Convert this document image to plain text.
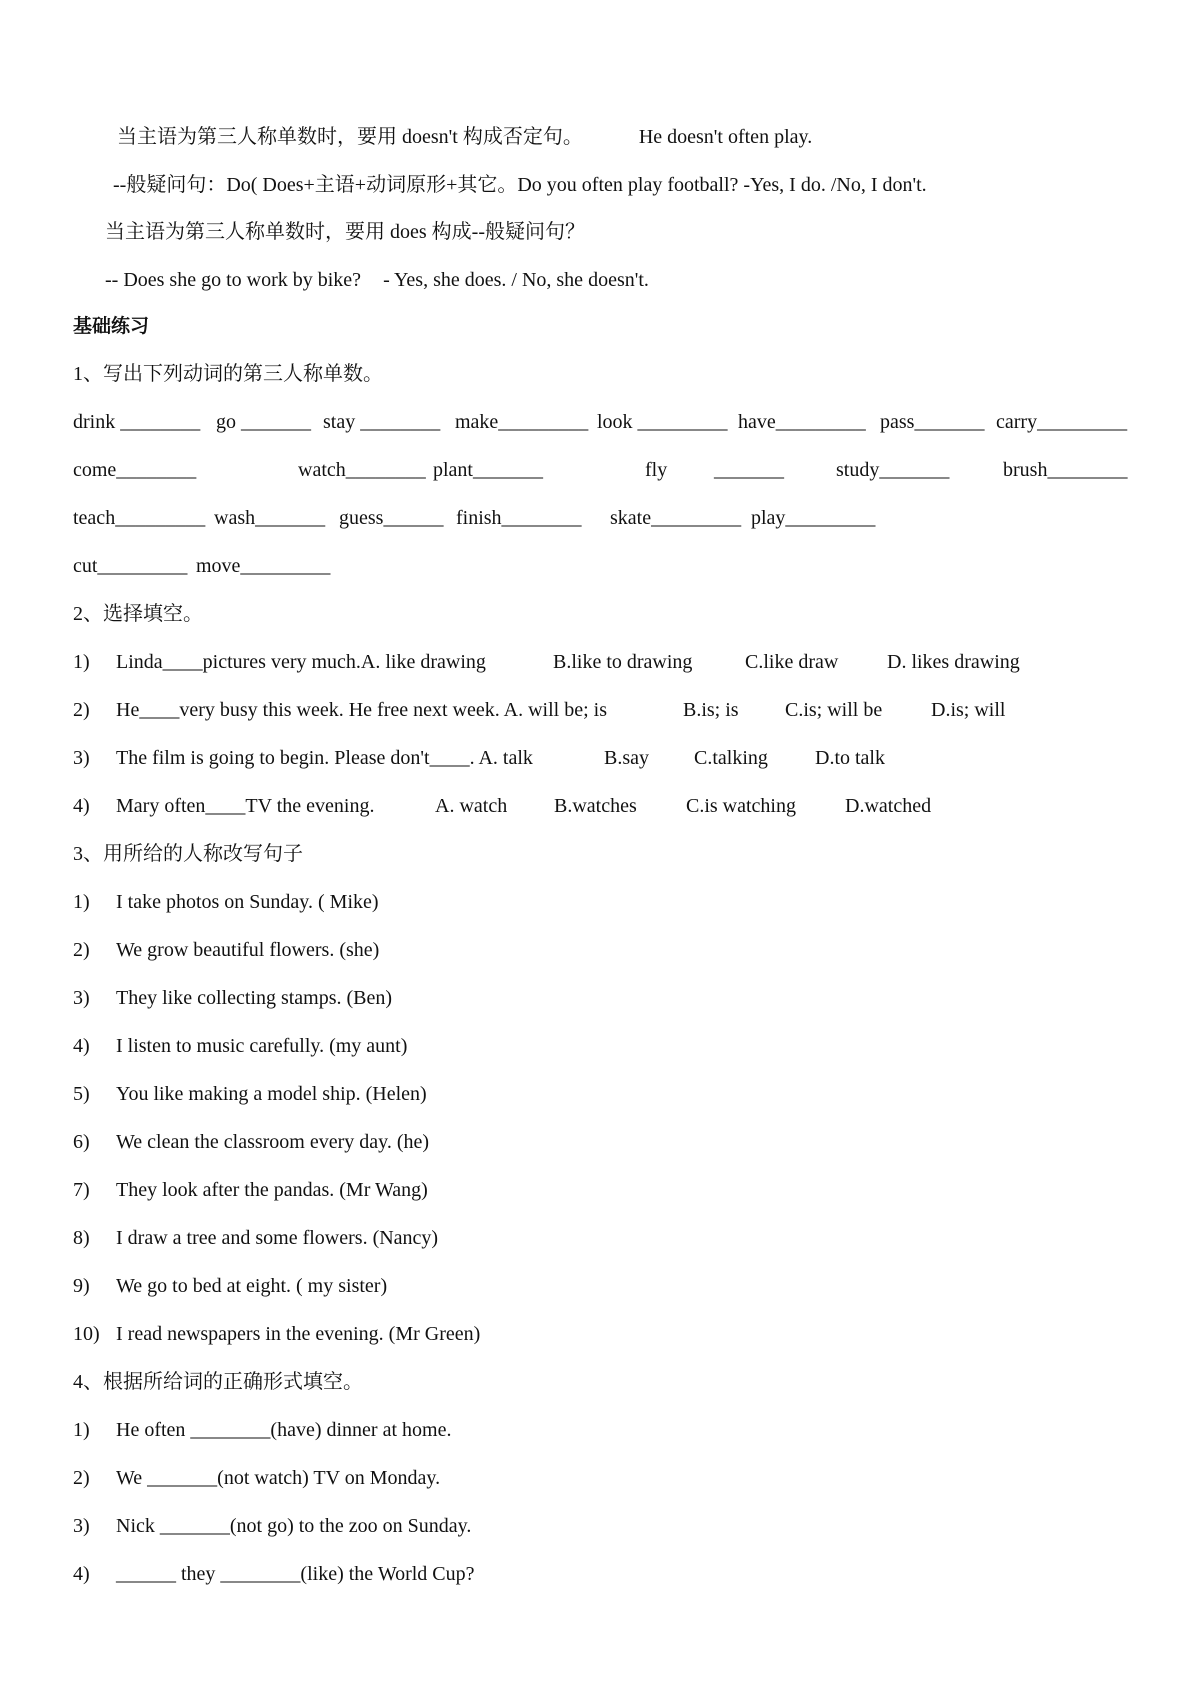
当主语为第三人称单数时，要用 doesn't 构成否定句。	He doesn't often play.
--般疑问句：Do( Does+主语+动词原形+其它。Do you often play football? -Yes, I do. /No, I don't.
当主语为第三人称单数时，要用 does 构成--般疑问句？
-- Does she go to work by bike? - Yes, she does. / No, she doesn't.
基础练习
1、写出下列动词的第三人称单数。
drink ________ go _______ stay ________ make_________ look _________ have_________ pass_______ carry_________
come________	watch________ plant_______	fly _______	study_______	brush________
teach_________ wash_______ guess______ finish________ skate_________ play_________
cut_________ move_________
2、选择填空。
1) Linda____pictures very much.A. like drawing	B.like to drawing	C.like draw D. likes drawing
2) He____very busy this week. He free next week. A. will be; is	B.is; is C.is; will be D.is; will
3) The film is going to begin. Please don't____. A. talk	B.say C.talking D.to talk
4) Mary often____TV the evening.	A. watch B.watches C.is watching D.watched
3、用所给的人称改写句子
1) I take photos on Sunday. ( Mike)
2) We grow beautiful flowers. (she)
3) They like collecting stamps. (Ben)
4) I listen to music carefully. (my aunt)
5) You like making a model ship. (Helen)
6) We clean the classroom every day. (he)
7) They look after the pandas. (Mr Wang)
8) I draw a tree and some flowers. (Nancy)
9) We go to bed at eight. ( my sister)
10) I read newspapers in the evening. (Mr Green)
4、根据所给词的正确形式填空。
1) He often ________(have) dinner at home.
2) We _______(not watch) TV on Monday.
3) Nick _______(not go) to the zoo on Sunday.
4) ______ they ________(like) the World Cup?
